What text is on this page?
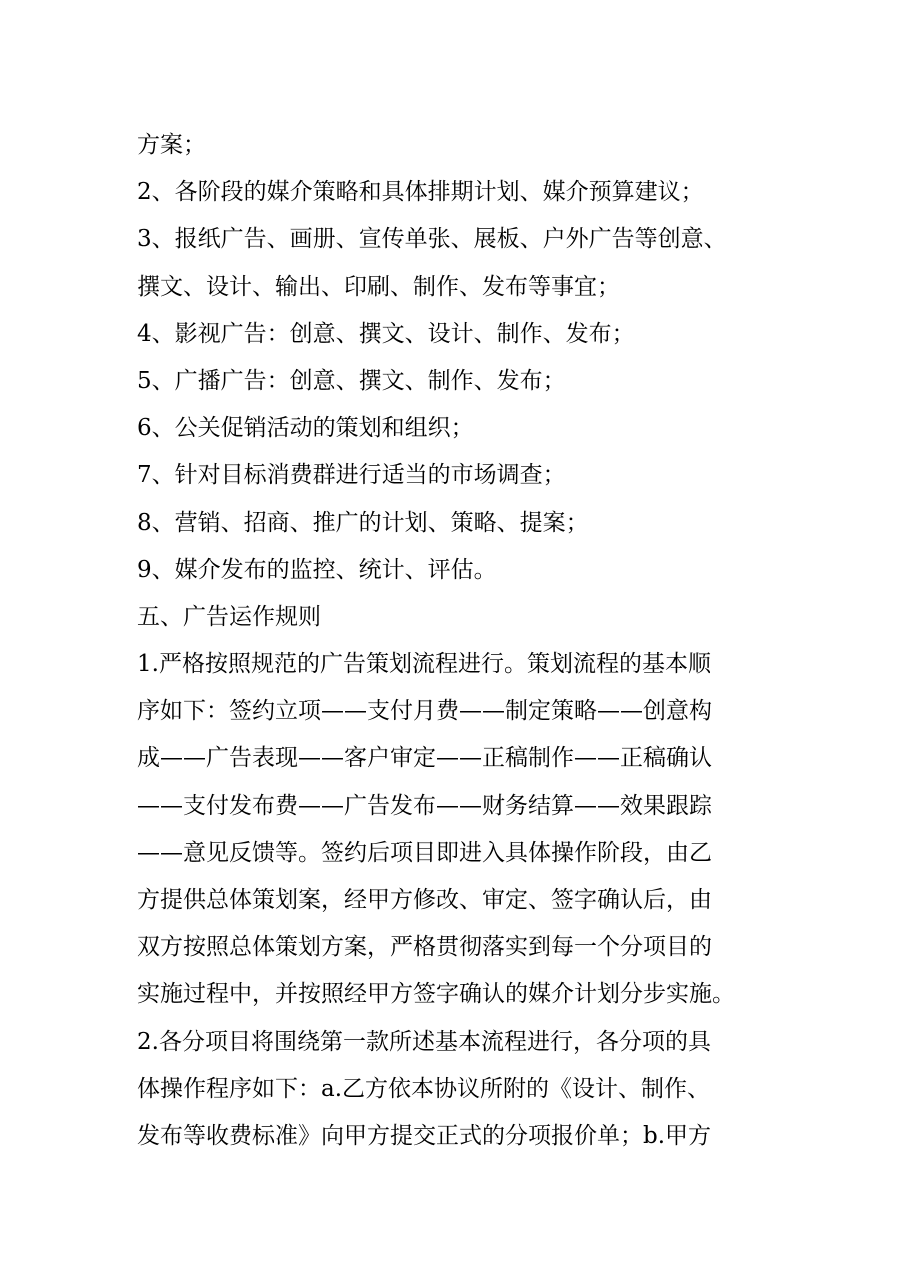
方案；
2、各阶段的媒介策略和具体排期计划、媒介预算建议；
3、报纸广告、画册、宣传单张、展板、户外广告等创意、
撰文、设计、输出、印刷、制作、发布等事宜；
4、影视广告：创意、撰文、设计、制作、发布；
5、广播广告：创意、撰文、制作、发布；
6、公关促销活动的策划和组织；
7、针对目标消费群进行适当的市场调查；
8、营销、招商、推广的计划、策略、提案；
9、媒介发布的监控、统计、评估。
五、广告运作规则
1.严格按照规范的广告策划流程进行。策划流程的基本顺
序如下：签约立项——支付月费——制定策略——创意构
成——广告表现——客户审定——正稿制作——正稿确认
——支付发布费——广告发布——财务结算——效果跟踪
——意见反馈等。签约后项目即进入具体操作阶段，由乙
方提供总体策划案，经甲方修改、审定、签字确认后，由
双方按照总体策划方案，严格贯彻落实到每一个分项目的
实施过程中，并按照经甲方签字确认的媒介计划分步实施。
2.各分项目将围绕第一款所述基本流程进行，各分项的具
体操作程序如下：a.乙方依本协议所附的《设计、制作、
发布等收费标准》向甲方提交正式的分项报价单；b.甲方
